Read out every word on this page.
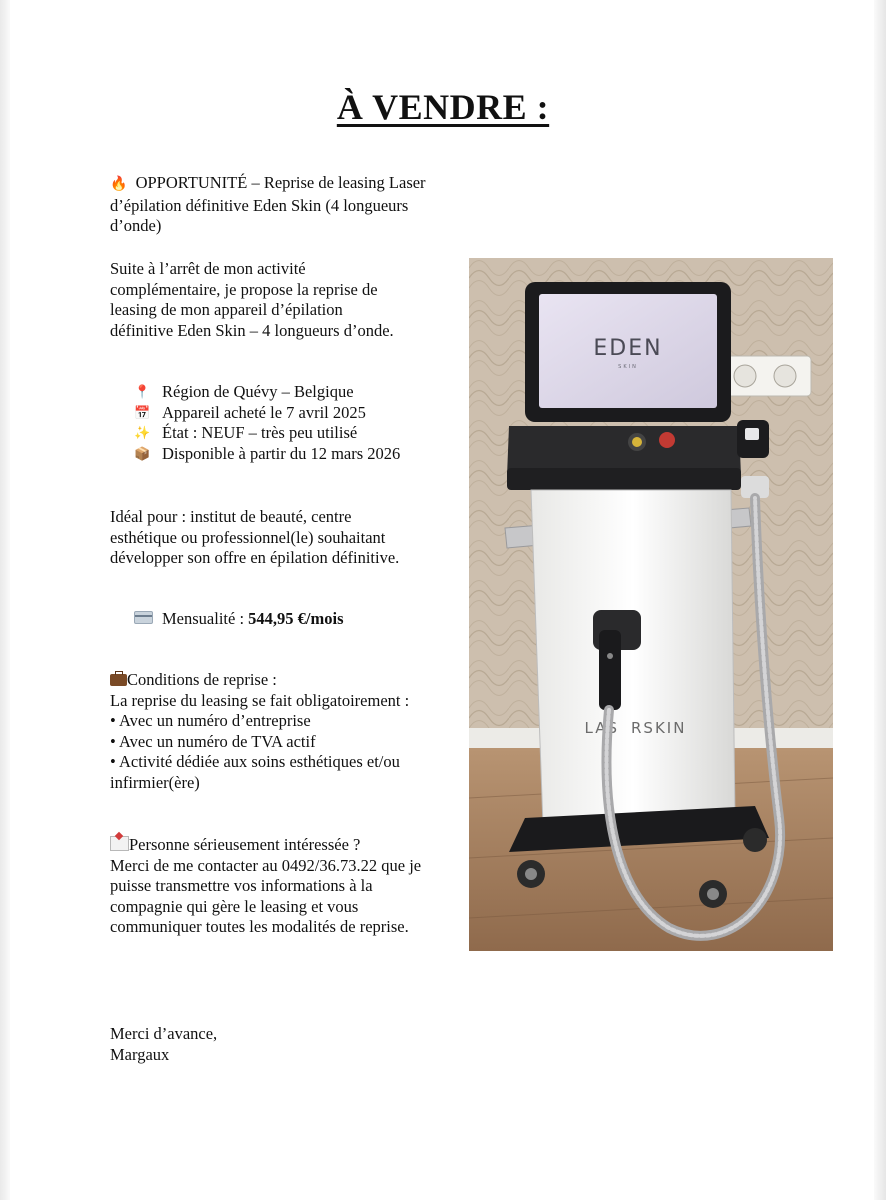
À VENDRE :
🔥 OPPORTUNITÉ – Reprise de leasing Laser d’épilation définitive Eden Skin (4 longueurs d’onde)
Suite à l’arrêt de mon activité complémentaire, je propose la reprise de leasing de mon appareil d’épilation définitive Eden Skin – 4 longueurs d’onde.
📍 Région de Quévy – Belgique
📅 Appareil acheté le 7 avril 2025
✨ État : NEUF – très peu utilisé
📦 Disponible à partir du 12 mars 2026
Idéal pour : institut de beauté, centre esthétique ou professionnel(le) souhaitant développer son offre en épilation définitive.
Mensualité : 544,95 €/mois
Conditions de reprise :
La reprise du leasing se fait obligatoirement :
• Avec un numéro d’entreprise
• Avec un numéro de TVA actif
• Activité dédiée aux soins esthétiques et/ou infirmier(ère)
Personne sérieusement intéressée ?
Merci de me contacter au 0492/36.73.22 que je puisse transmettre vos informations à la compagnie qui gère le leasing et vous communiquer toutes les modalités de reprise.
Merci d’avance,
Margaux
EDEN
SKIN
LAS RSKIN
